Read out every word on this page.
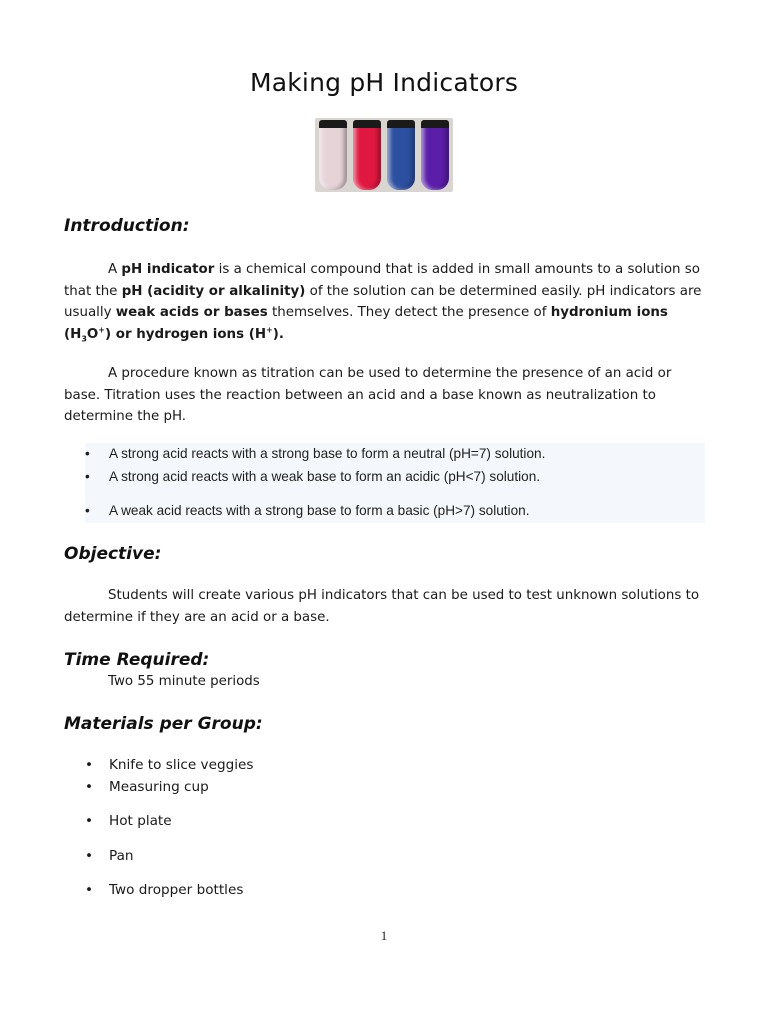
Making pH Indicators
Introduction:
A pH indicator is a chemical compound that is added in small amounts to a solution so that the pH (acidity or alkalinity) of the solution can be determined easily. pH indicators are usually weak acids or bases themselves. They detect the presence of hydronium ions $(H_3O^+)$ or hydrogen ions (H+).
A procedure known as titration can be used to determine the presence of an acid or base. Titration uses the reaction between an acid and a base known as neutralization to determine the pH.
• A strong acid reacts with a strong base to form a neutral (pH=7) solution.
• A strong acid reacts with a weak base to form an acidic (pH<7) solution.
• A weak acid reacts with a strong base to form a basic (pH>7) solution.
Objective:
Students will create various pH indicators that can be used to test unknown solutions to determine if they are an acid or a base.
Time Required:
Two 55 minute periods
Materials per Group:
• Knife to slice veggies
• Measuring cup
• Hot plate
• Pan
• Two dropper bottles
1
